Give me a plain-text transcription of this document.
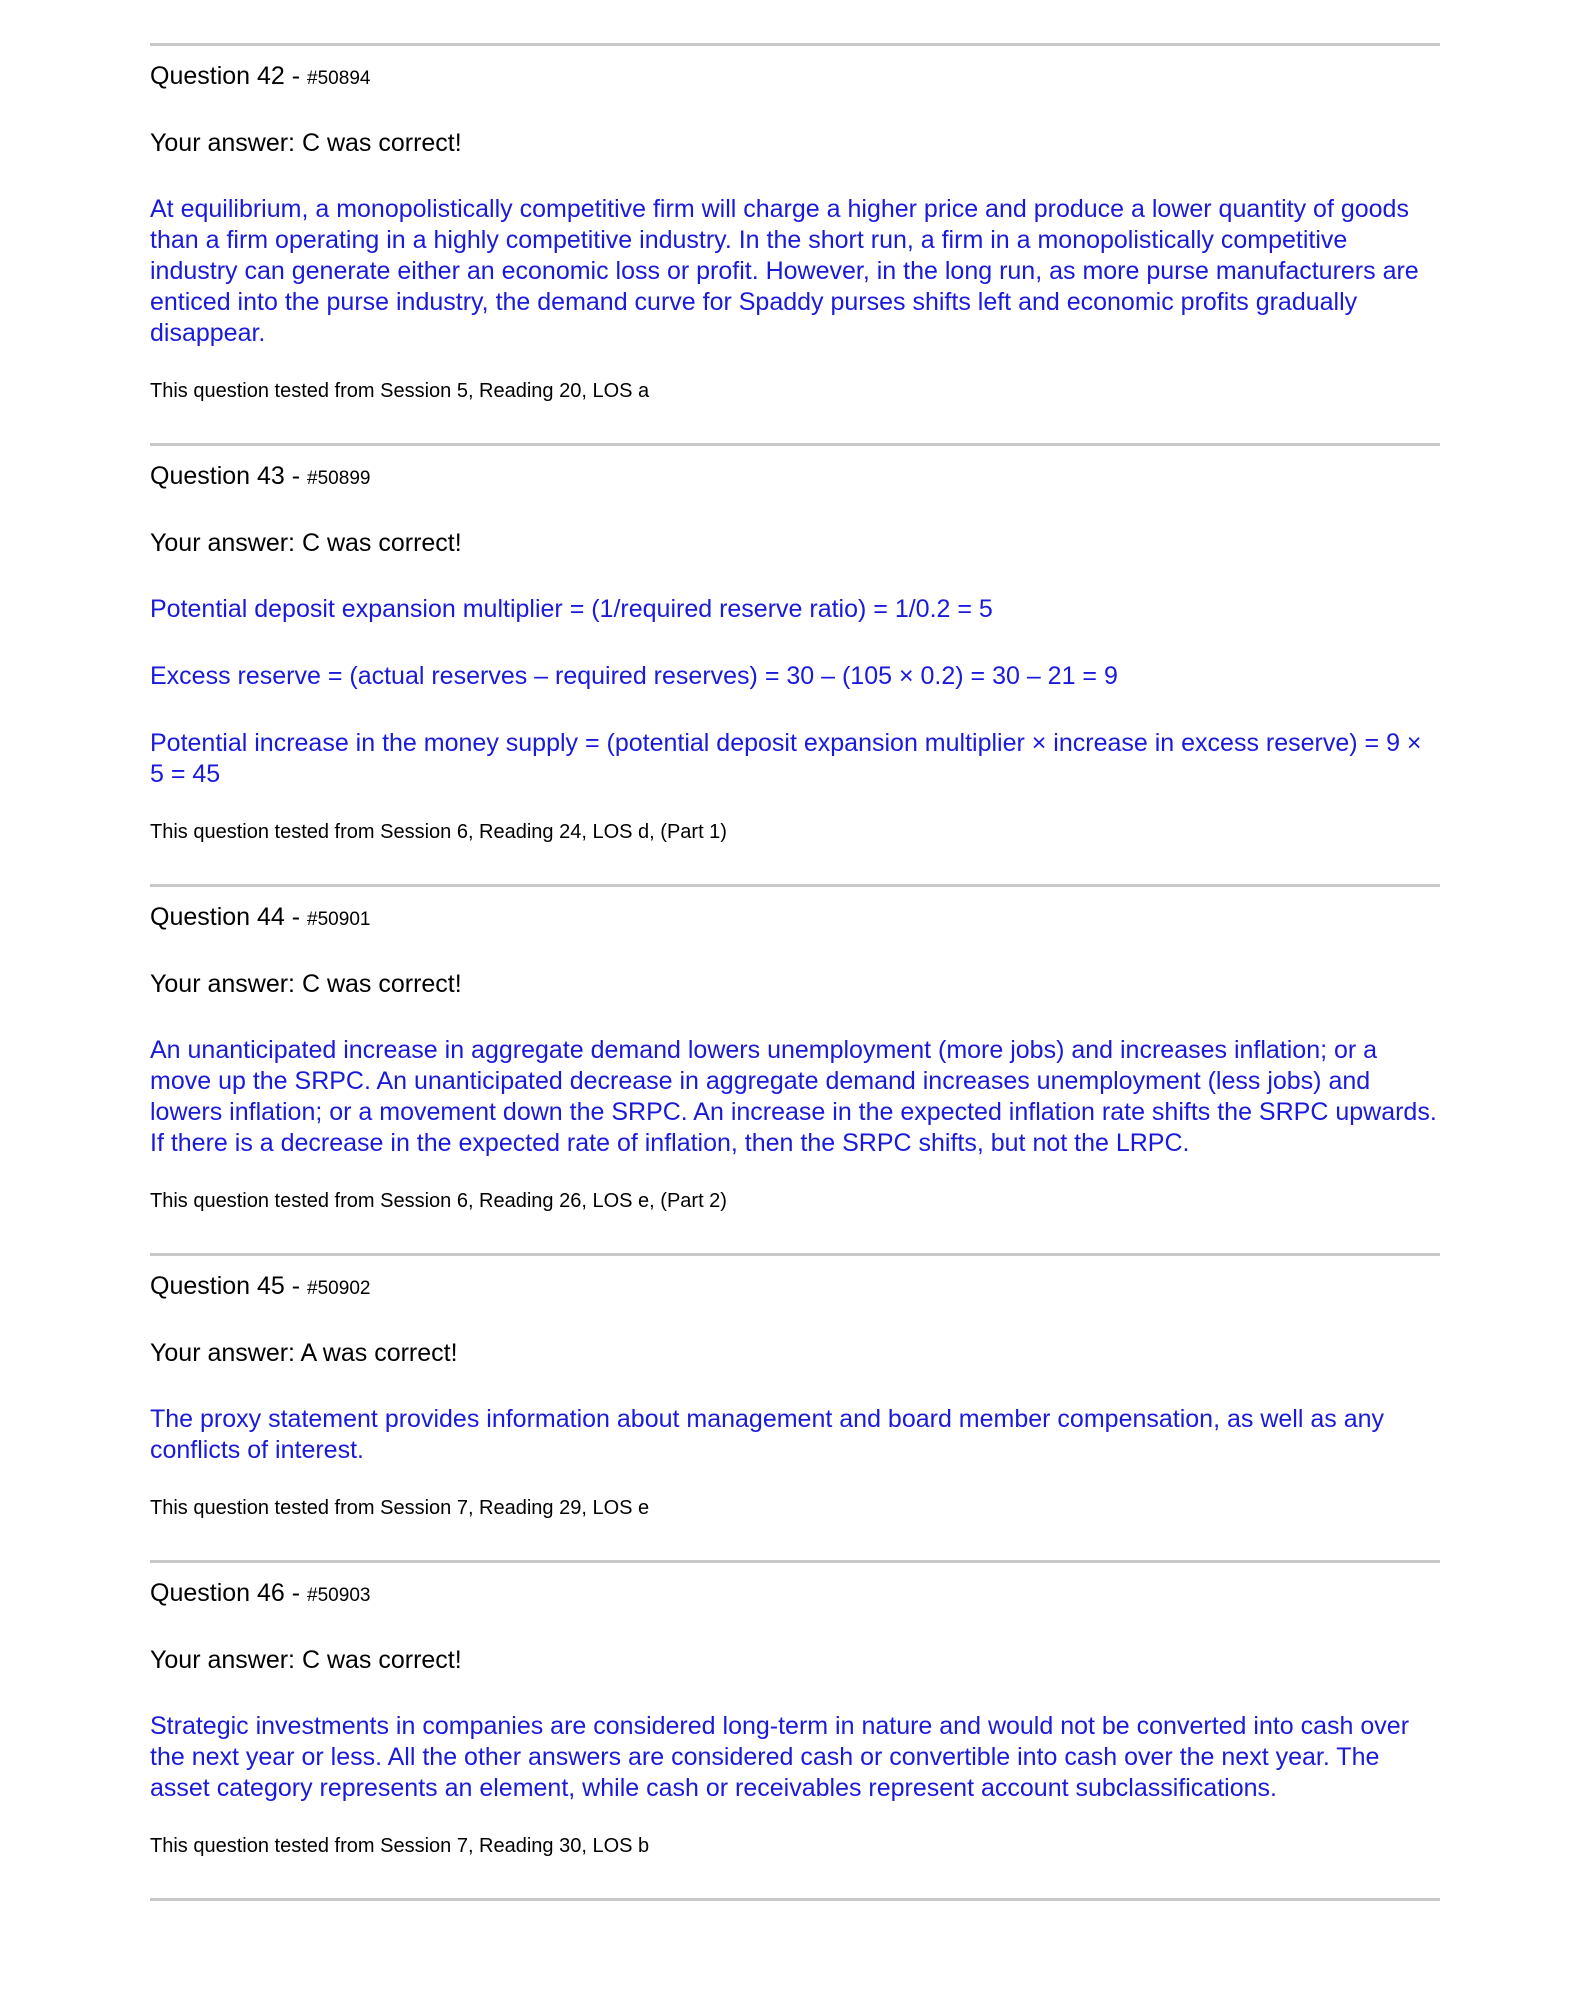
Question 42 - #50894

Your answer: C was correct!

At equilibrium, a monopolistically competitive firm will charge a higher price and produce a lower quantity of goods than a firm operating in a highly competitive industry. In the short run, a firm in a monopolistically competitive industry can generate either an economic loss or profit. However, in the long run, as more purse manufacturers are enticed into the purse industry, the demand curve for Spaddy purses shifts left and economic profits gradually disappear.

This question tested from Session 5, Reading 20, LOS a

Question 43 - #50899

Your answer: C was correct!

Potential deposit expansion multiplier = (1/required reserve ratio) = 1/0.2 = 5

Excess reserve = (actual reserves – required reserves) = 30 – (105 × 0.2) = 30 – 21 = 9

Potential increase in the money supply = (potential deposit expansion multiplier × increase in excess reserve) = 9 × 5 = 45

This question tested from Session 6, Reading 24, LOS d, (Part 1)

Question 44 - #50901

Your answer: C was correct!

An unanticipated increase in aggregate demand lowers unemployment (more jobs) and increases inflation; or a move up the SRPC. An unanticipated decrease in aggregate demand increases unemployment (less jobs) and lowers inflation; or a movement down the SRPC. An increase in the expected inflation rate shifts the SRPC upwards. If there is a decrease in the expected rate of inflation, then the SRPC shifts, but not the LRPC.

This question tested from Session 6, Reading 26, LOS e, (Part 2)

Question 45 - #50902

Your answer: A was correct!

The proxy statement provides information about management and board member compensation, as well as any conflicts of interest.

This question tested from Session 7, Reading 29, LOS e

Question 46 - #50903

Your answer: C was correct!

Strategic investments in companies are considered long-term in nature and would not be converted into cash over the next year or less. All the other answers are considered cash or convertible into cash over the next year. The asset category represents an element, while cash or receivables represent account subclassifications.

This question tested from Session 7, Reading 30, LOS b
